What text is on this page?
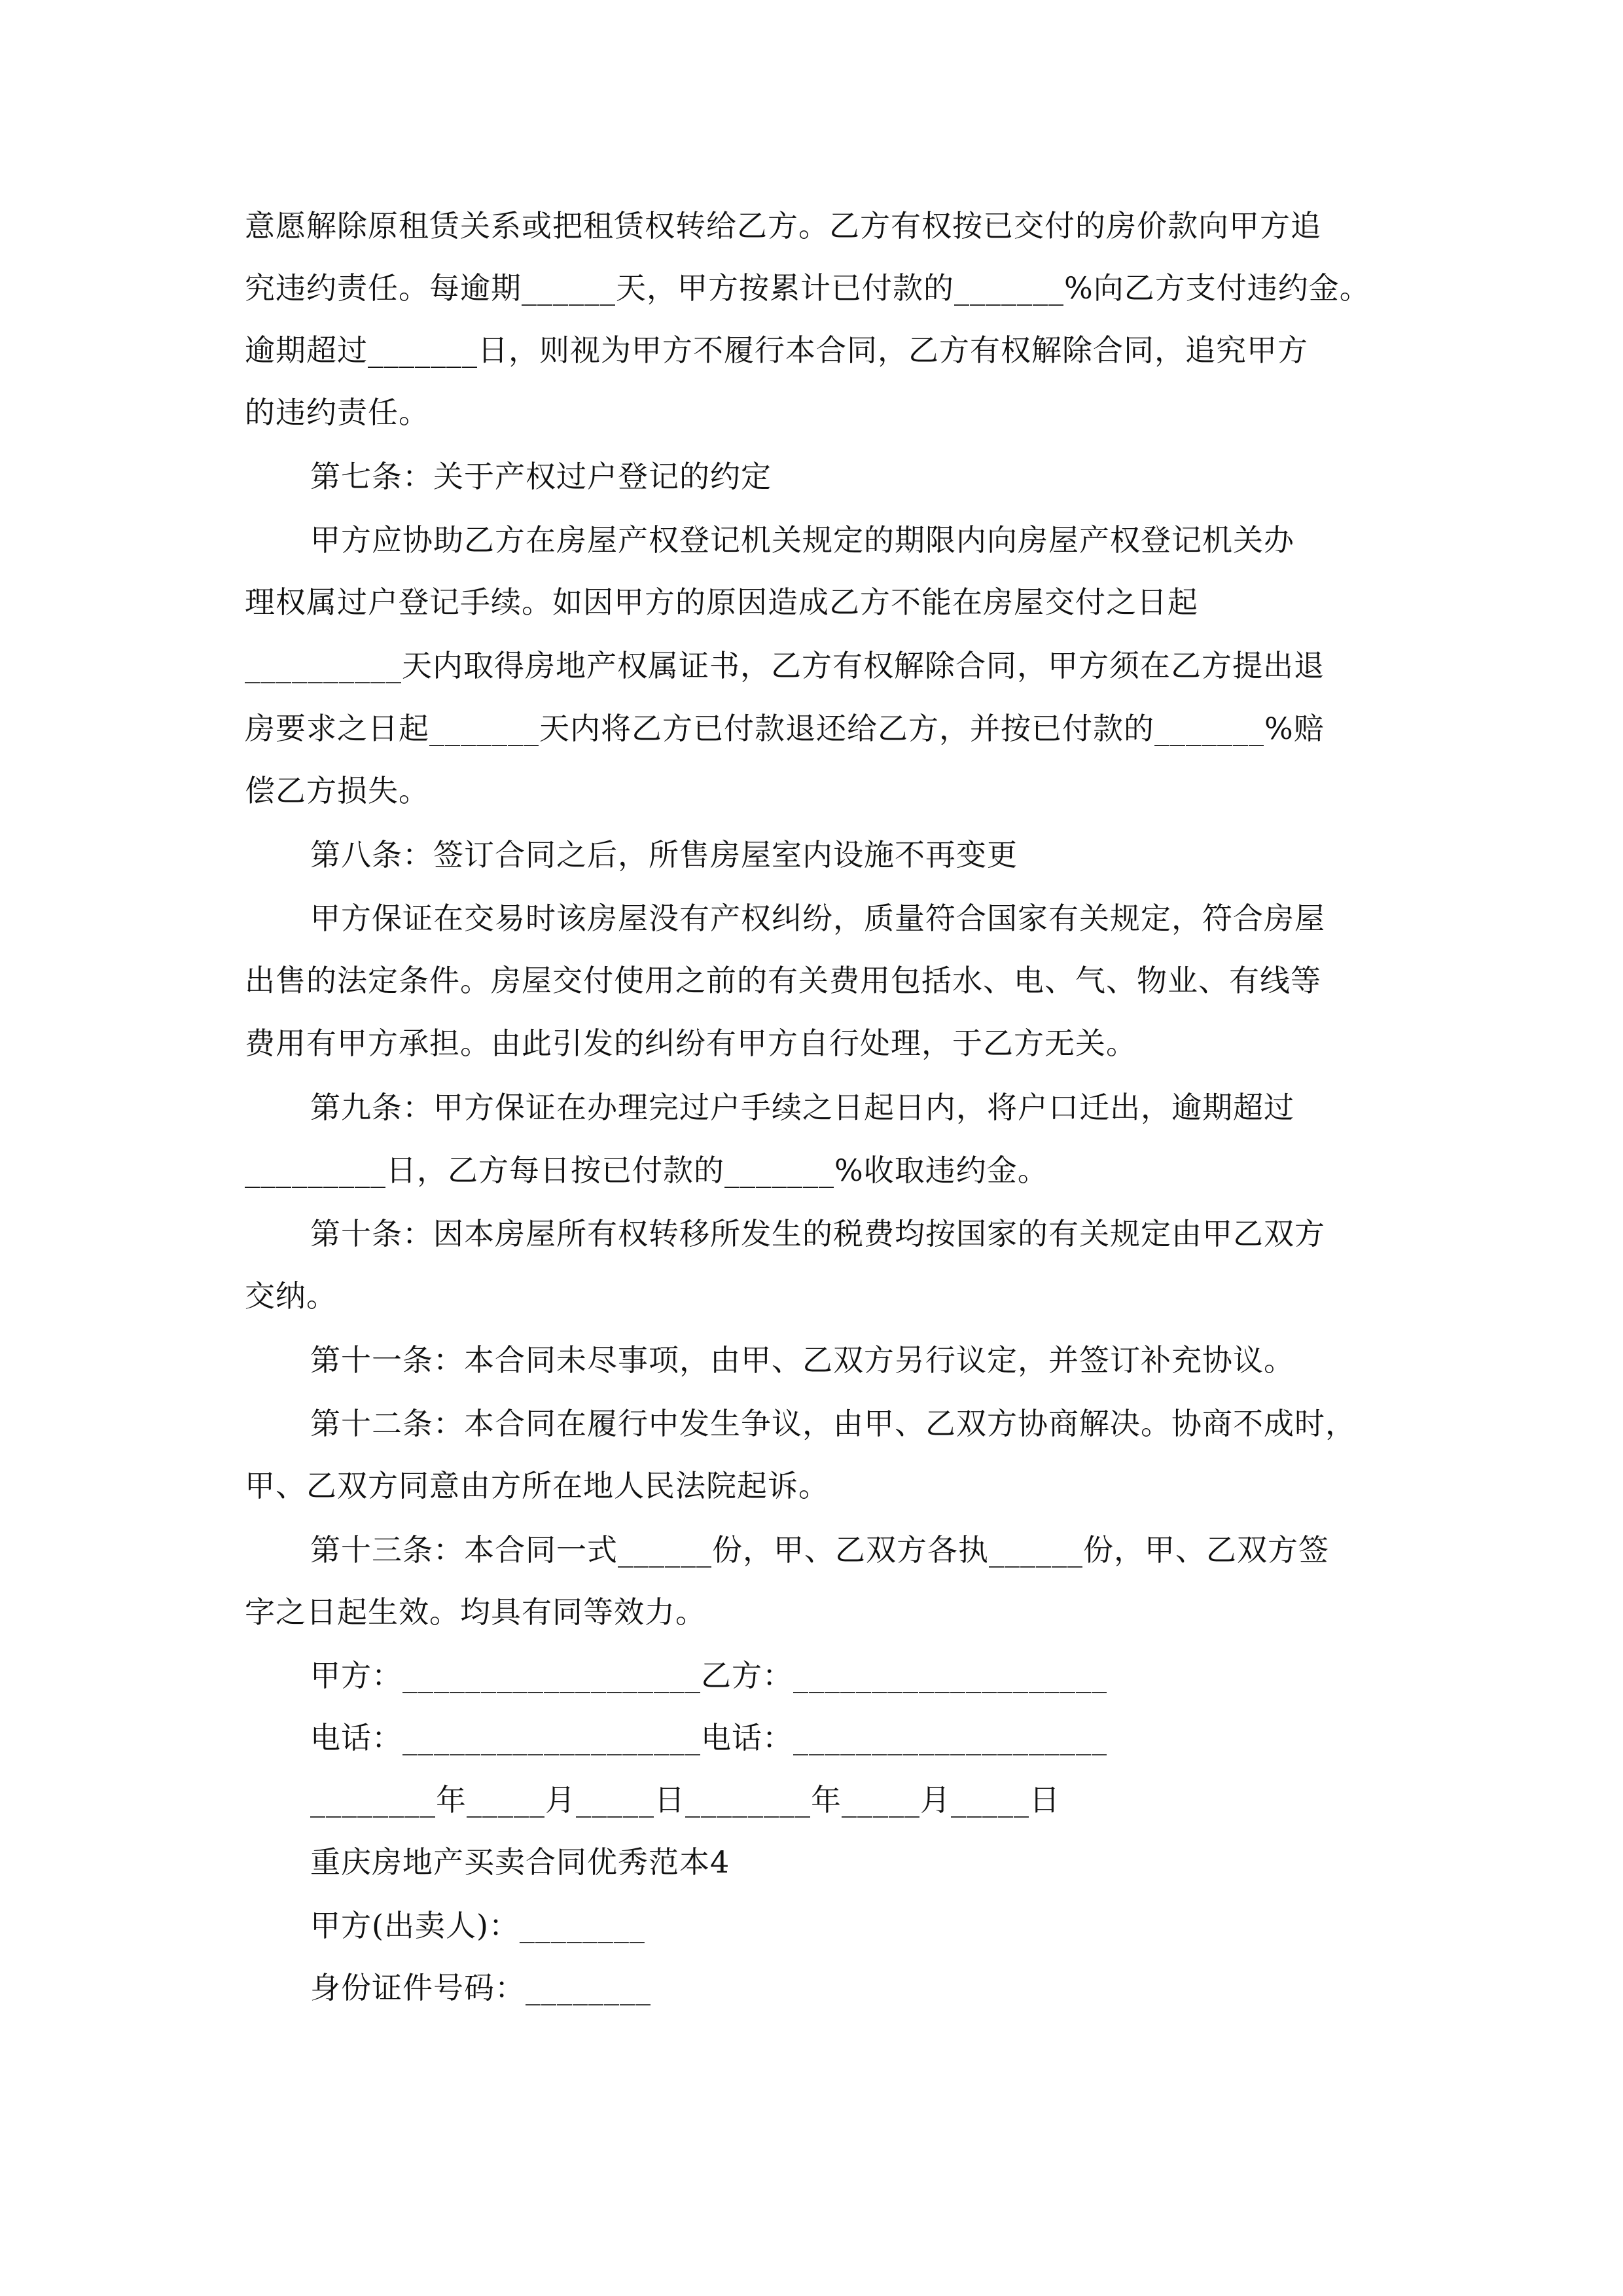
意愿解除原租赁关系或把租赁权转给乙方。乙方有权按已交付的房价款向甲方追
究违约责任。每逾期______天，甲方按累计已付款的_______%向乙方支付违约金。
逾期超过_______日，则视为甲方不履行本合同，乙方有权解除合同，追究甲方
的违约责任。
第七条：关于产权过户登记的约定
甲方应协助乙方在房屋产权登记机关规定的期限内向房屋产权登记机关办
理权属过户登记手续。如因甲方的原因造成乙方不能在房屋交付之日起
__________天内取得房地产权属证书，乙方有权解除合同，甲方须在乙方提出退
房要求之日起_______天内将乙方已付款退还给乙方，并按已付款的_______%赔
偿乙方损失。
第八条：签订合同之后，所售房屋室内设施不再变更
甲方保证在交易时该房屋没有产权纠纷，质量符合国家有关规定，符合房屋
出售的法定条件。房屋交付使用之前的有关费用包括水、电、气、物业、有线等
费用有甲方承担。由此引发的纠纷有甲方自行处理，于乙方无关。
第九条：甲方保证在办理完过户手续之日起日内，将户口迁出，逾期超过
_________日，乙方每日按已付款的_______%收取违约金。
第十条：因本房屋所有权转移所发生的税费均按国家的有关规定由甲乙双方
交纳。
第十一条：本合同未尽事项，由甲、乙双方另行议定，并签订补充协议。
第十二条：本合同在履行中发生争议，由甲、乙双方协商解决。协商不成时，
甲、乙双方同意由方所在地人民法院起诉。
第十三条：本合同一式______份，甲、乙双方各执______份，甲、乙双方签
字之日起生效。均具有同等效力。
甲方：___________________乙方：____________________
电话：___________________电话：____________________
________年_____月_____日________年_____月_____日
重庆房地产买卖合同优秀范本4
甲方(出卖人)：________
身份证件号码：________
